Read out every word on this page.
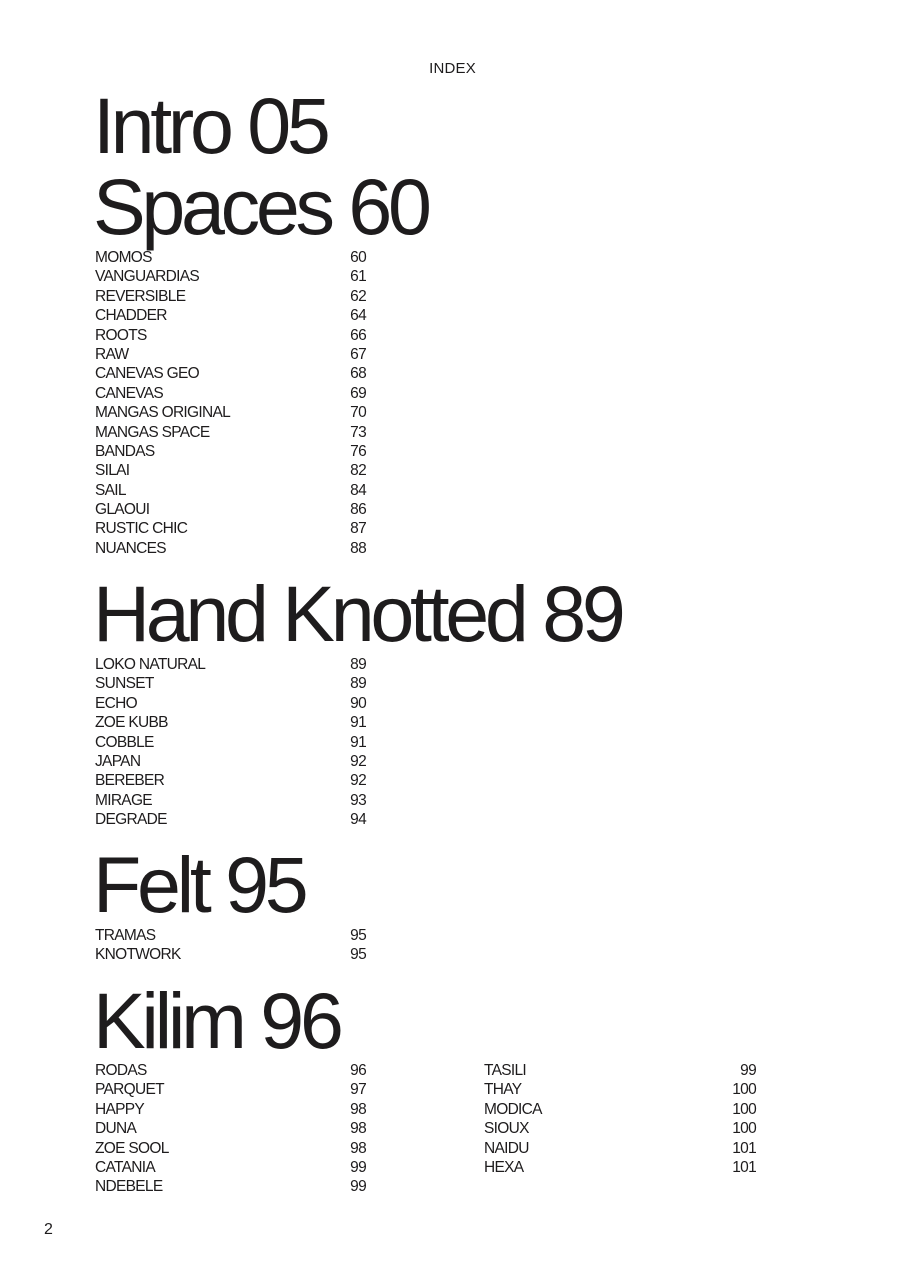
INDEX
Intro 05
Spaces 60
MOMOS	60
VANGUARDIAS	61
REVERSIBLE	62
CHADDER	64
ROOTS	66
RAW	67
CANEVAS GEO	68
CANEVAS	69
MANGAS ORIGINAL	70
MANGAS SPACE	73
BANDAS	76
SILAI	82
SAIL	84
GLAOUI	86
RUSTIC CHIC	87
NUANCES	88
Hand Knotted 89
LOKO NATURAL	89
SUNSET	89
ECHO	90
ZOE KUBB	91
COBBLE	91
JAPAN	92
BEREBER	92
MIRAGE	93
DEGRADE	94
Felt 95
TRAMAS	95
KNOTWORK	95
Kilim 96
RODAS	96
PARQUET	97
HAPPY	98
DUNA	98
ZOE SOOL	98
CATANIA	99
NDEBELE	99
TASILI	99
THAY	100
MODICA	100
SIOUX	100
NAIDU	101
HEXA	101
2
